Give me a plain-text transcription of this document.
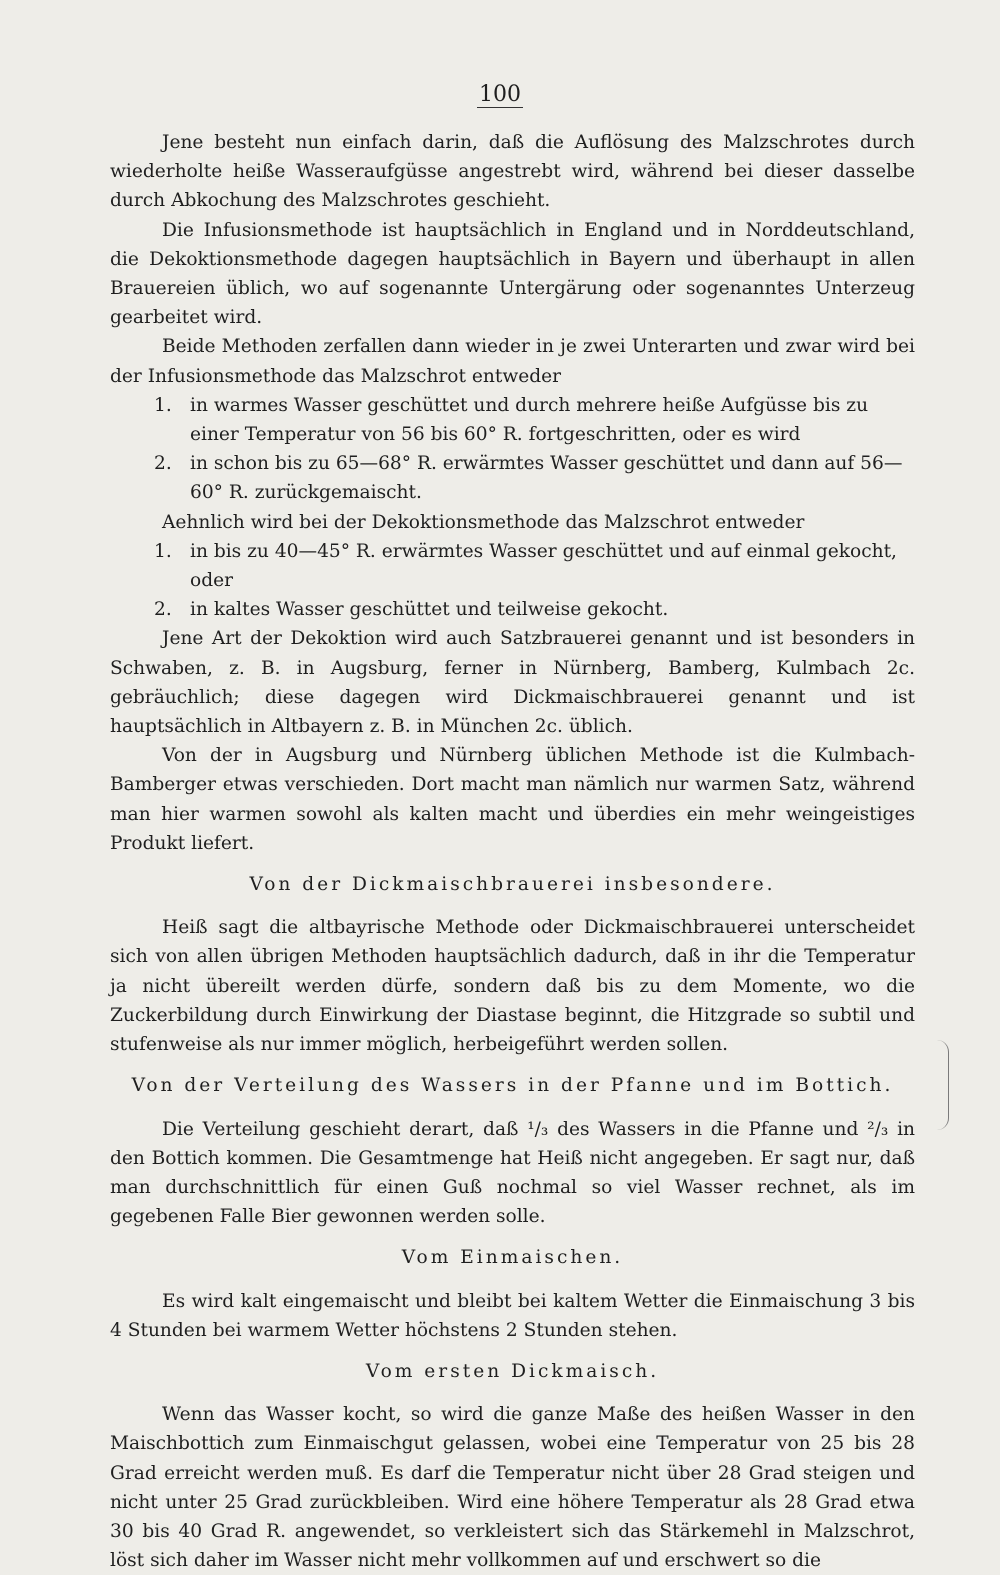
100

Jene besteht nun einfach darin, daß die Auflösung des Malzschrotes durch wiederholte heiße Wasseraufgüsse angestrebt wird, während bei dieser dasselbe durch Abkochung des Malzschrotes geschieht.

Die Infusionsmethode ist hauptsächlich in England und in Norddeutschland, die Dekoktionsmethode dagegen hauptsächlich in Bayern und überhaupt in allen Brauereien üblich, wo auf sogenannte Untergärung oder sogenanntes Unterzeug gearbeitet wird.

Beide Methoden zerfallen dann wieder in je zwei Unterarten und zwar wird bei der Infusionsmethode das Malzschrot entweder

1. in warmes Wasser geschüttet und durch mehrere heiße Aufgüsse bis zu einer Temperatur von 56 bis 60° R. fortgeschritten, oder es wird

2. in schon bis zu 65—68° R. erwärmtes Wasser geschüttet und dann auf 56—60° R. zurückgemaischt.

Aehnlich wird bei der Dekoktionsmethode das Malzschrot entweder

1. in bis zu 40—45° R. erwärmtes Wasser geschüttet und auf einmal gekocht, oder

2. in kaltes Wasser geschüttet und teilweise gekocht.

Jene Art der Dekoktion wird auch Satzbrauerei genannt und ist besonders in Schwaben, z. B. in Augsburg, ferner in Nürnberg, Bamberg, Kulmbach 2c. gebräuchlich; diese dagegen wird Dickmaischbrauerei genannt und ist hauptsächlich in Altbayern z. B. in München 2c. üblich.

Von der in Augsburg und Nürnberg üblichen Methode ist die Kulmbach-Bamberger etwas verschieden. Dort macht man nämlich nur warmen Satz, während man hier warmen sowohl als kalten macht und überdies ein mehr weingeistiges Produkt liefert.

Von der Dickmaischbrauerei insbesondere.

Heiß sagt die altbayrische Methode oder Dickmaischbrauerei unterscheidet sich von allen übrigen Methoden hauptsächlich dadurch, daß in ihr die Temperatur ja nicht übereilt werden dürfe, sondern daß bis zu dem Momente, wo die Zuckerbildung durch Einwirkung der Diastase beginnt, die Hitzgrade so subtil und stufenweise als nur immer möglich, herbeigeführt werden sollen.

Von der Verteilung des Wassers in der Pfanne und im Bottich.

Die Verteilung geschieht derart, daß ¹/₃ des Wassers in die Pfanne und ²/₃ in den Bottich kommen. Die Gesamtmenge hat Heiß nicht angegeben. Er sagt nur, daß man durchschnittlich für einen Guß nochmal so viel Wasser rechnet, als im gegebenen Falle Bier gewonnen werden solle.

Vom Einmaischen.

Es wird kalt eingemaischt und bleibt bei kaltem Wetter die Einmaischung 3 bis 4 Stunden bei warmem Wetter höchstens 2 Stunden stehen.

Vom ersten Dickmaisch.

Wenn das Wasser kocht, so wird die ganze Maße des heißen Wasser in den Maischbottich zum Einmaischgut gelassen, wobei eine Temperatur von 25 bis 28 Grad erreicht werden muß. Es darf die Temperatur nicht über 28 Grad steigen und nicht unter 25 Grad zurückbleiben. Wird eine höhere Temperatur als 28 Grad etwa 30 bis 40 Grad R. angewendet, so verkleistert sich das Stärkemehl in Malzschrot, löst sich daher im Wasser nicht mehr vollkommen auf und erschwert so die
